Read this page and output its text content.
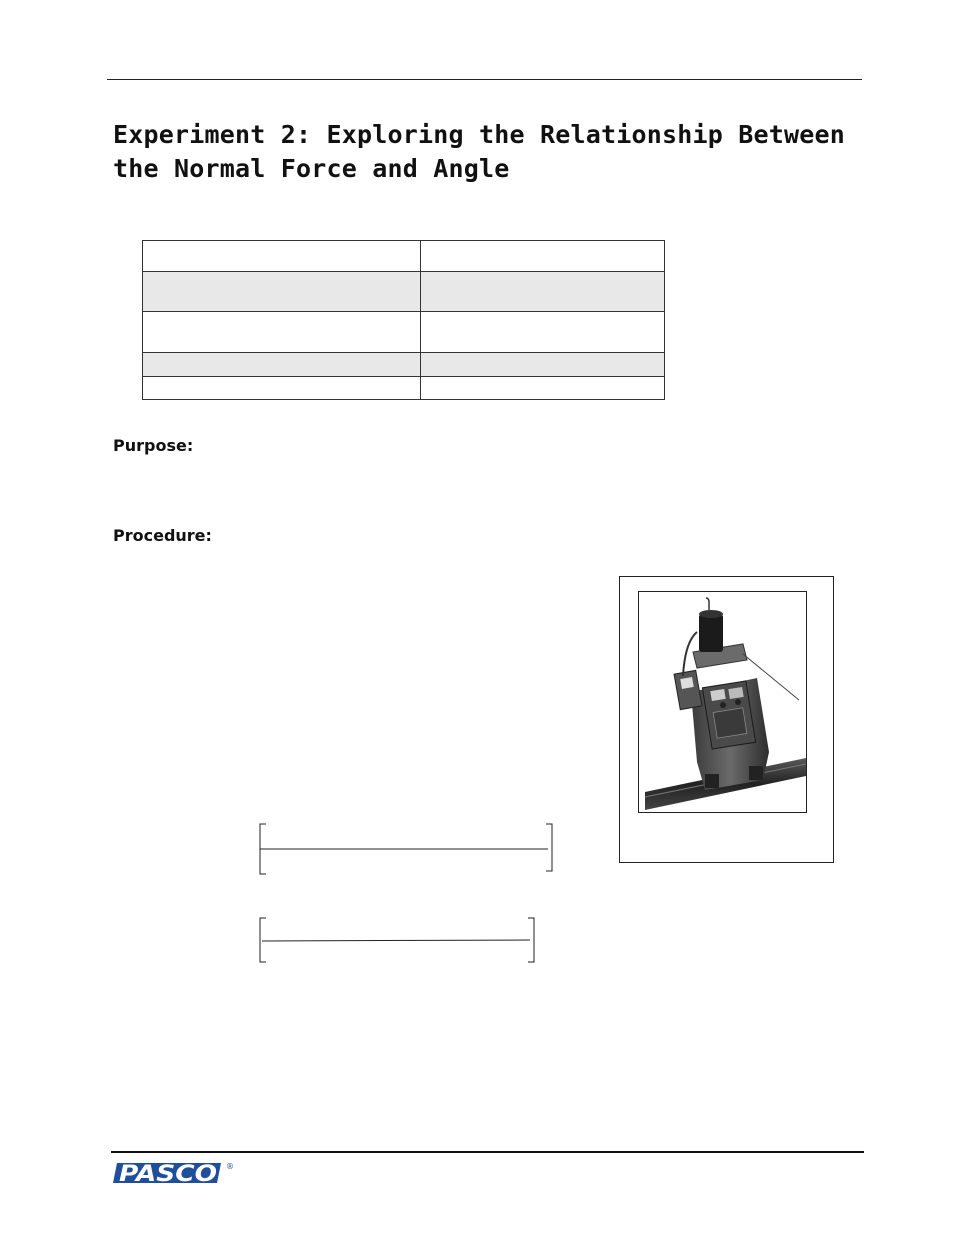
Experiment 2: Exploring the Relationship Between the Normal Force and Angle

Purpose:
Procedure:
PASCO ®
